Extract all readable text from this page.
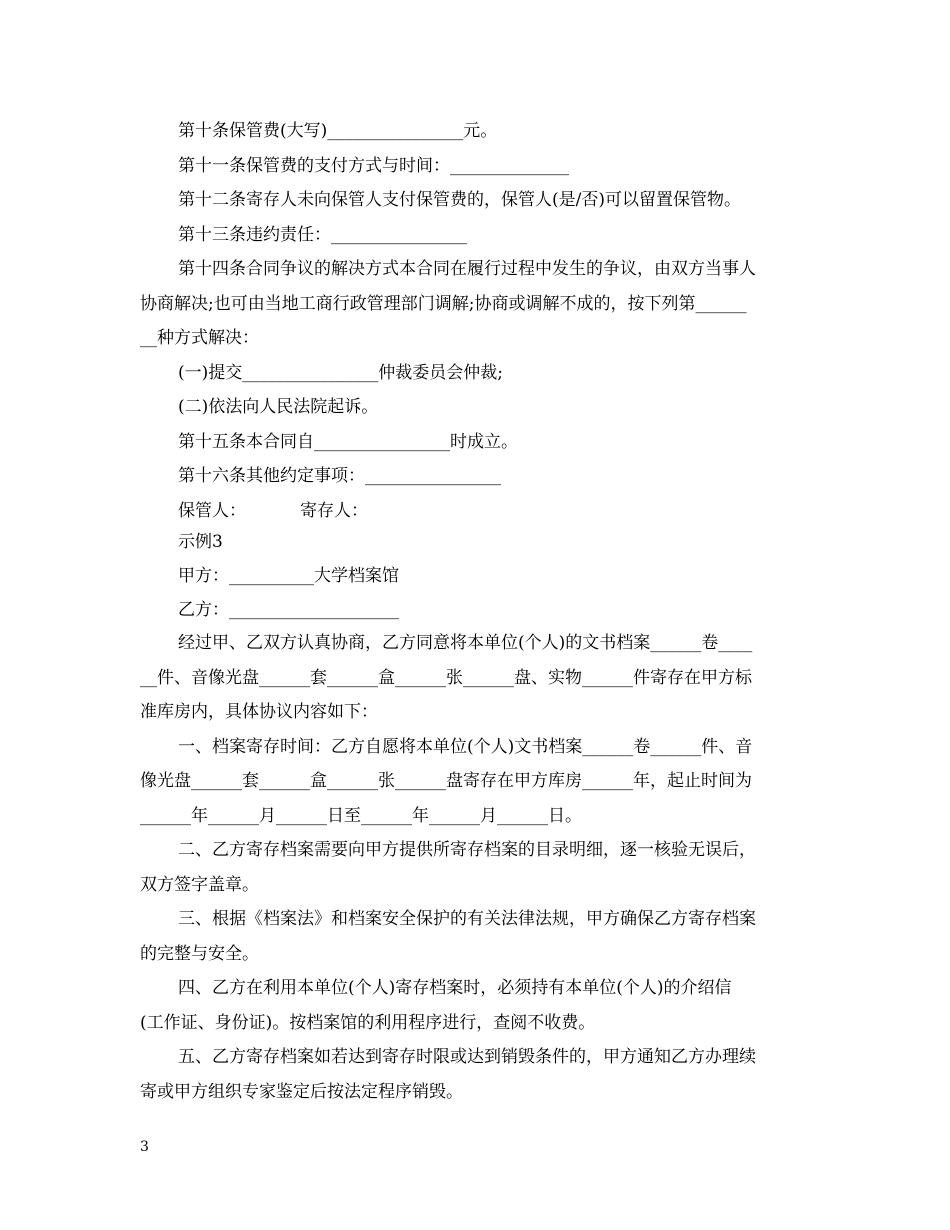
第十条保管费(大写)________________元。
第十一条保管费的支付方式与时间：______________
第十二条寄存人未向保管人支付保管费的，保管人(是/否)可以留置保管物。
第十三条违约责任：________________
第十四条合同争议的解决方式本合同在履行过程中发生的争议，由双方当事人
协商解决;也可由当地工商行政管理部门调解;协商或调解不成的，按下列第______
__种方式解决：
(一)提交________________仲裁委员会仲裁;
(二)依法向人民法院起诉。
第十五条本合同自________________时成立。
第十六条其他约定事项：________________
保管人：          寄存人：
示例3
甲方：__________大学档案馆
乙方：____________________
经过甲、乙双方认真协商，乙方同意将本单位(个人)的文书档案______卷____
__件、音像光盘______套______盒______张______盘、实物______件寄存在甲方标
准库房内，具体协议内容如下：
一、档案寄存时间：乙方自愿将本单位(个人)文书档案______卷______件、音
像光盘______套______盒______张______盘寄存在甲方库房______年，起止时间为
______年______月______日至______年______月______日。
二、乙方寄存档案需要向甲方提供所寄存档案的目录明细，逐一核验无误后，
双方签字盖章。
三、根据《档案法》和档案安全保护的有关法律法规，甲方确保乙方寄存档案
的完整与安全。
四、乙方在利用本单位(个人)寄存档案时，必须持有本单位(个人)的介绍信
(工作证、身份证)。按档案馆的利用程序进行，查阅不收费。
五、乙方寄存档案如若达到寄存时限或达到销毁条件的，甲方通知乙方办理续
寄或甲方组织专家鉴定后按法定程序销毁。
3
